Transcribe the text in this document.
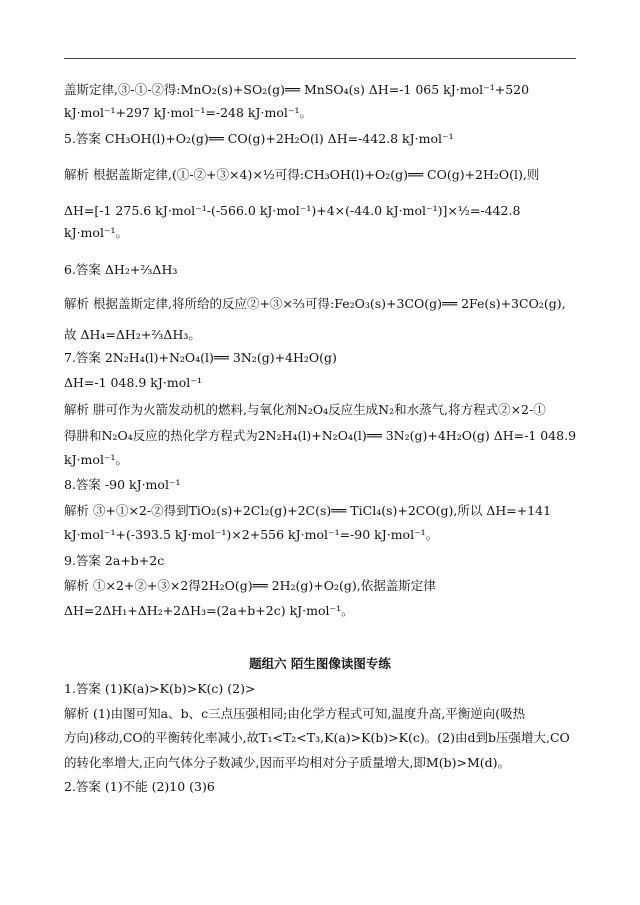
盖斯定律,③-①-②得:MnO₂(s)+SO₂(g)══ MnSO₄(s) ΔH=-1 065 kJ·mol⁻¹+520
kJ·mol⁻¹+297 kJ·mol⁻¹=-248 kJ·mol⁻¹。
5.答案 CH₃OH(l)+O₂(g)══ CO(g)+2H₂O(l) ΔH=-442.8 kJ·mol⁻¹
解析 根据盖斯定律,(①-②+③×4)×½可得:CH₃OH(l)+O₂(g)══ CO(g)+2H₂O(l),则
ΔH=[-1 275.6 kJ·mol⁻¹-(-566.0 kJ·mol⁻¹)+4×(-44.0 kJ·mol⁻¹)]×½=-442.8
kJ·mol⁻¹。
6.答案 ΔH₂+⅔ΔH₃
解析 根据盖斯定律,将所给的反应②+③×⅔可得:Fe₂O₃(s)+3CO(g)══ 2Fe(s)+3CO₂(g),
故 ΔH₄=ΔH₂+⅔ΔH₃。
7.答案 2N₂H₄(l)+N₂O₄(l)══ 3N₂(g)+4H₂O(g)
ΔH=-1 048.9 kJ·mol⁻¹
解析 肼可作为火箭发动机的燃料,与氧化剂N₂O₄反应生成N₂和水蒸气,将方程式②×2-①
得肼和N₂O₄反应的热化学方程式为2N₂H₄(l)+N₂O₄(l)══ 3N₂(g)+4H₂O(g) ΔH=-1 048.9
kJ·mol⁻¹。
8.答案 -90 kJ·mol⁻¹
解析 ③+①×2-②得到TiO₂(s)+2Cl₂(g)+2C(s)══ TiCl₄(s)+2CO(g),所以 ΔH=+141
kJ·mol⁻¹+(-393.5 kJ·mol⁻¹)×2+556 kJ·mol⁻¹=-90 kJ·mol⁻¹。
9.答案 2a+b+2c
解析 ①×2+②+③×2得2H₂O(g)══ 2H₂(g)+O₂(g),依据盖斯定律
ΔH=2ΔH₁+ΔH₂+2ΔH₃=(2a+b+2c) kJ·mol⁻¹。
题组六 陌生图像读图专练
1.答案 (1)K(a)>K(b)>K(c) (2)>
解析 (1)由图可知a、b、c三点压强相同;由化学方程式可知,温度升高,平衡逆向(吸热
方向)移动,CO的平衡转化率减小,故T₁<T₂<T₃,K(a)>K(b)>K(c)。(2)由d到b压强增大,CO
的转化率增大,正向气体分子数减少,因而平均相对分子质量增大,即M(b)>M(d)。
2.答案 (1)不能 (2)10 (3)6
